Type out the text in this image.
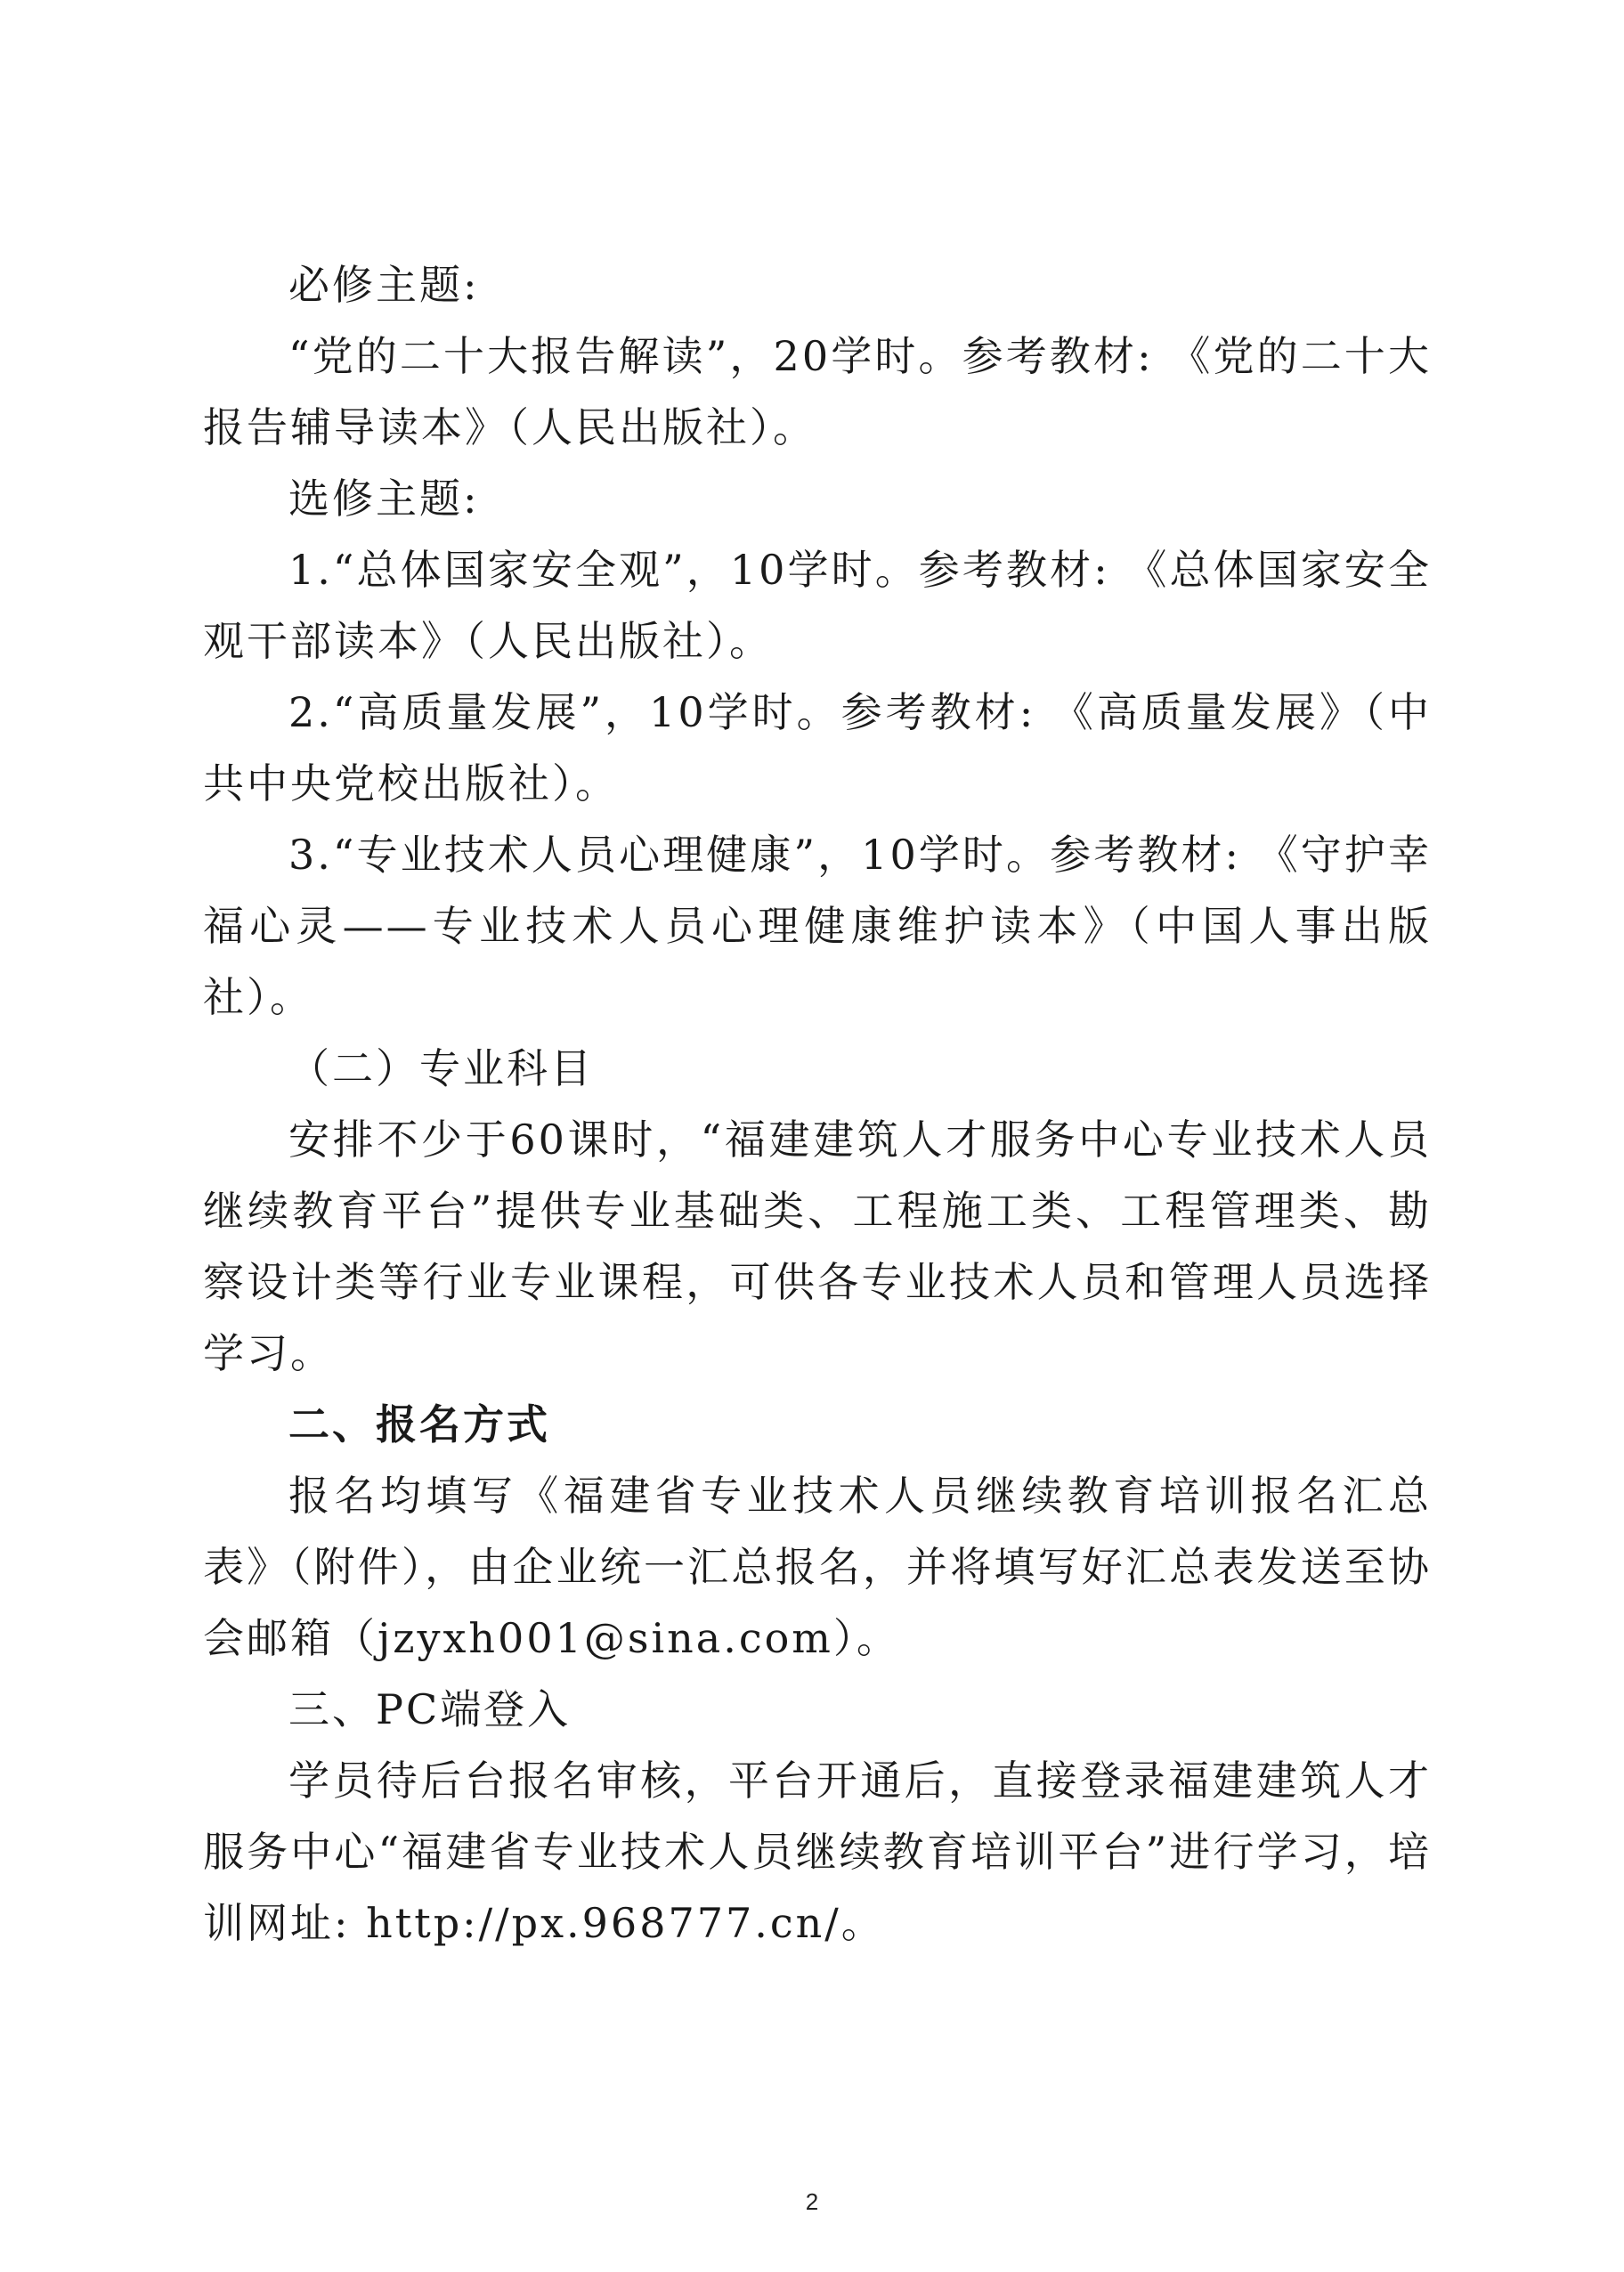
必修主题:

“党的二十大报告解读”，20学时。参考教材: 《党的二十大报告辅导读本》（人民出版社）。

选修主题:

1.“总体国家安全观”，10学时。参考教材: 《总体国家安全观干部读本》（人民出版社）。

2.“高质量发展”，10学时。参考教材: 《高质量发展》（中共中央党校出版社）。

3.“专业技术人员心理健康”，10学时。参考教材: 《守护幸福心灵——专业技术人员心理健康维护读本》（中国人事出版社）。

（二）专业科目

安排不少于60课时，“福建建筑人才服务中心专业技术人员继续教育平台”提供专业基础类、工程施工类、工程管理类、勘察设计类等行业专业课程，可供各专业技术人员和管理人员选择学习。

二、报名方式

报名均填写《福建省专业技术人员继续教育培训报名汇总表》（附件），由企业统一汇总报名，并将填写好汇总表发送至协会邮箱（jzyxh001@sina.com）。

三、PC端登入

学员待后台报名审核，平台开通后，直接登录福建建筑人才服务中心“福建省专业技术人员继续教育培训平台”进行学习，培训网址: http://px.968777.cn/。

2
